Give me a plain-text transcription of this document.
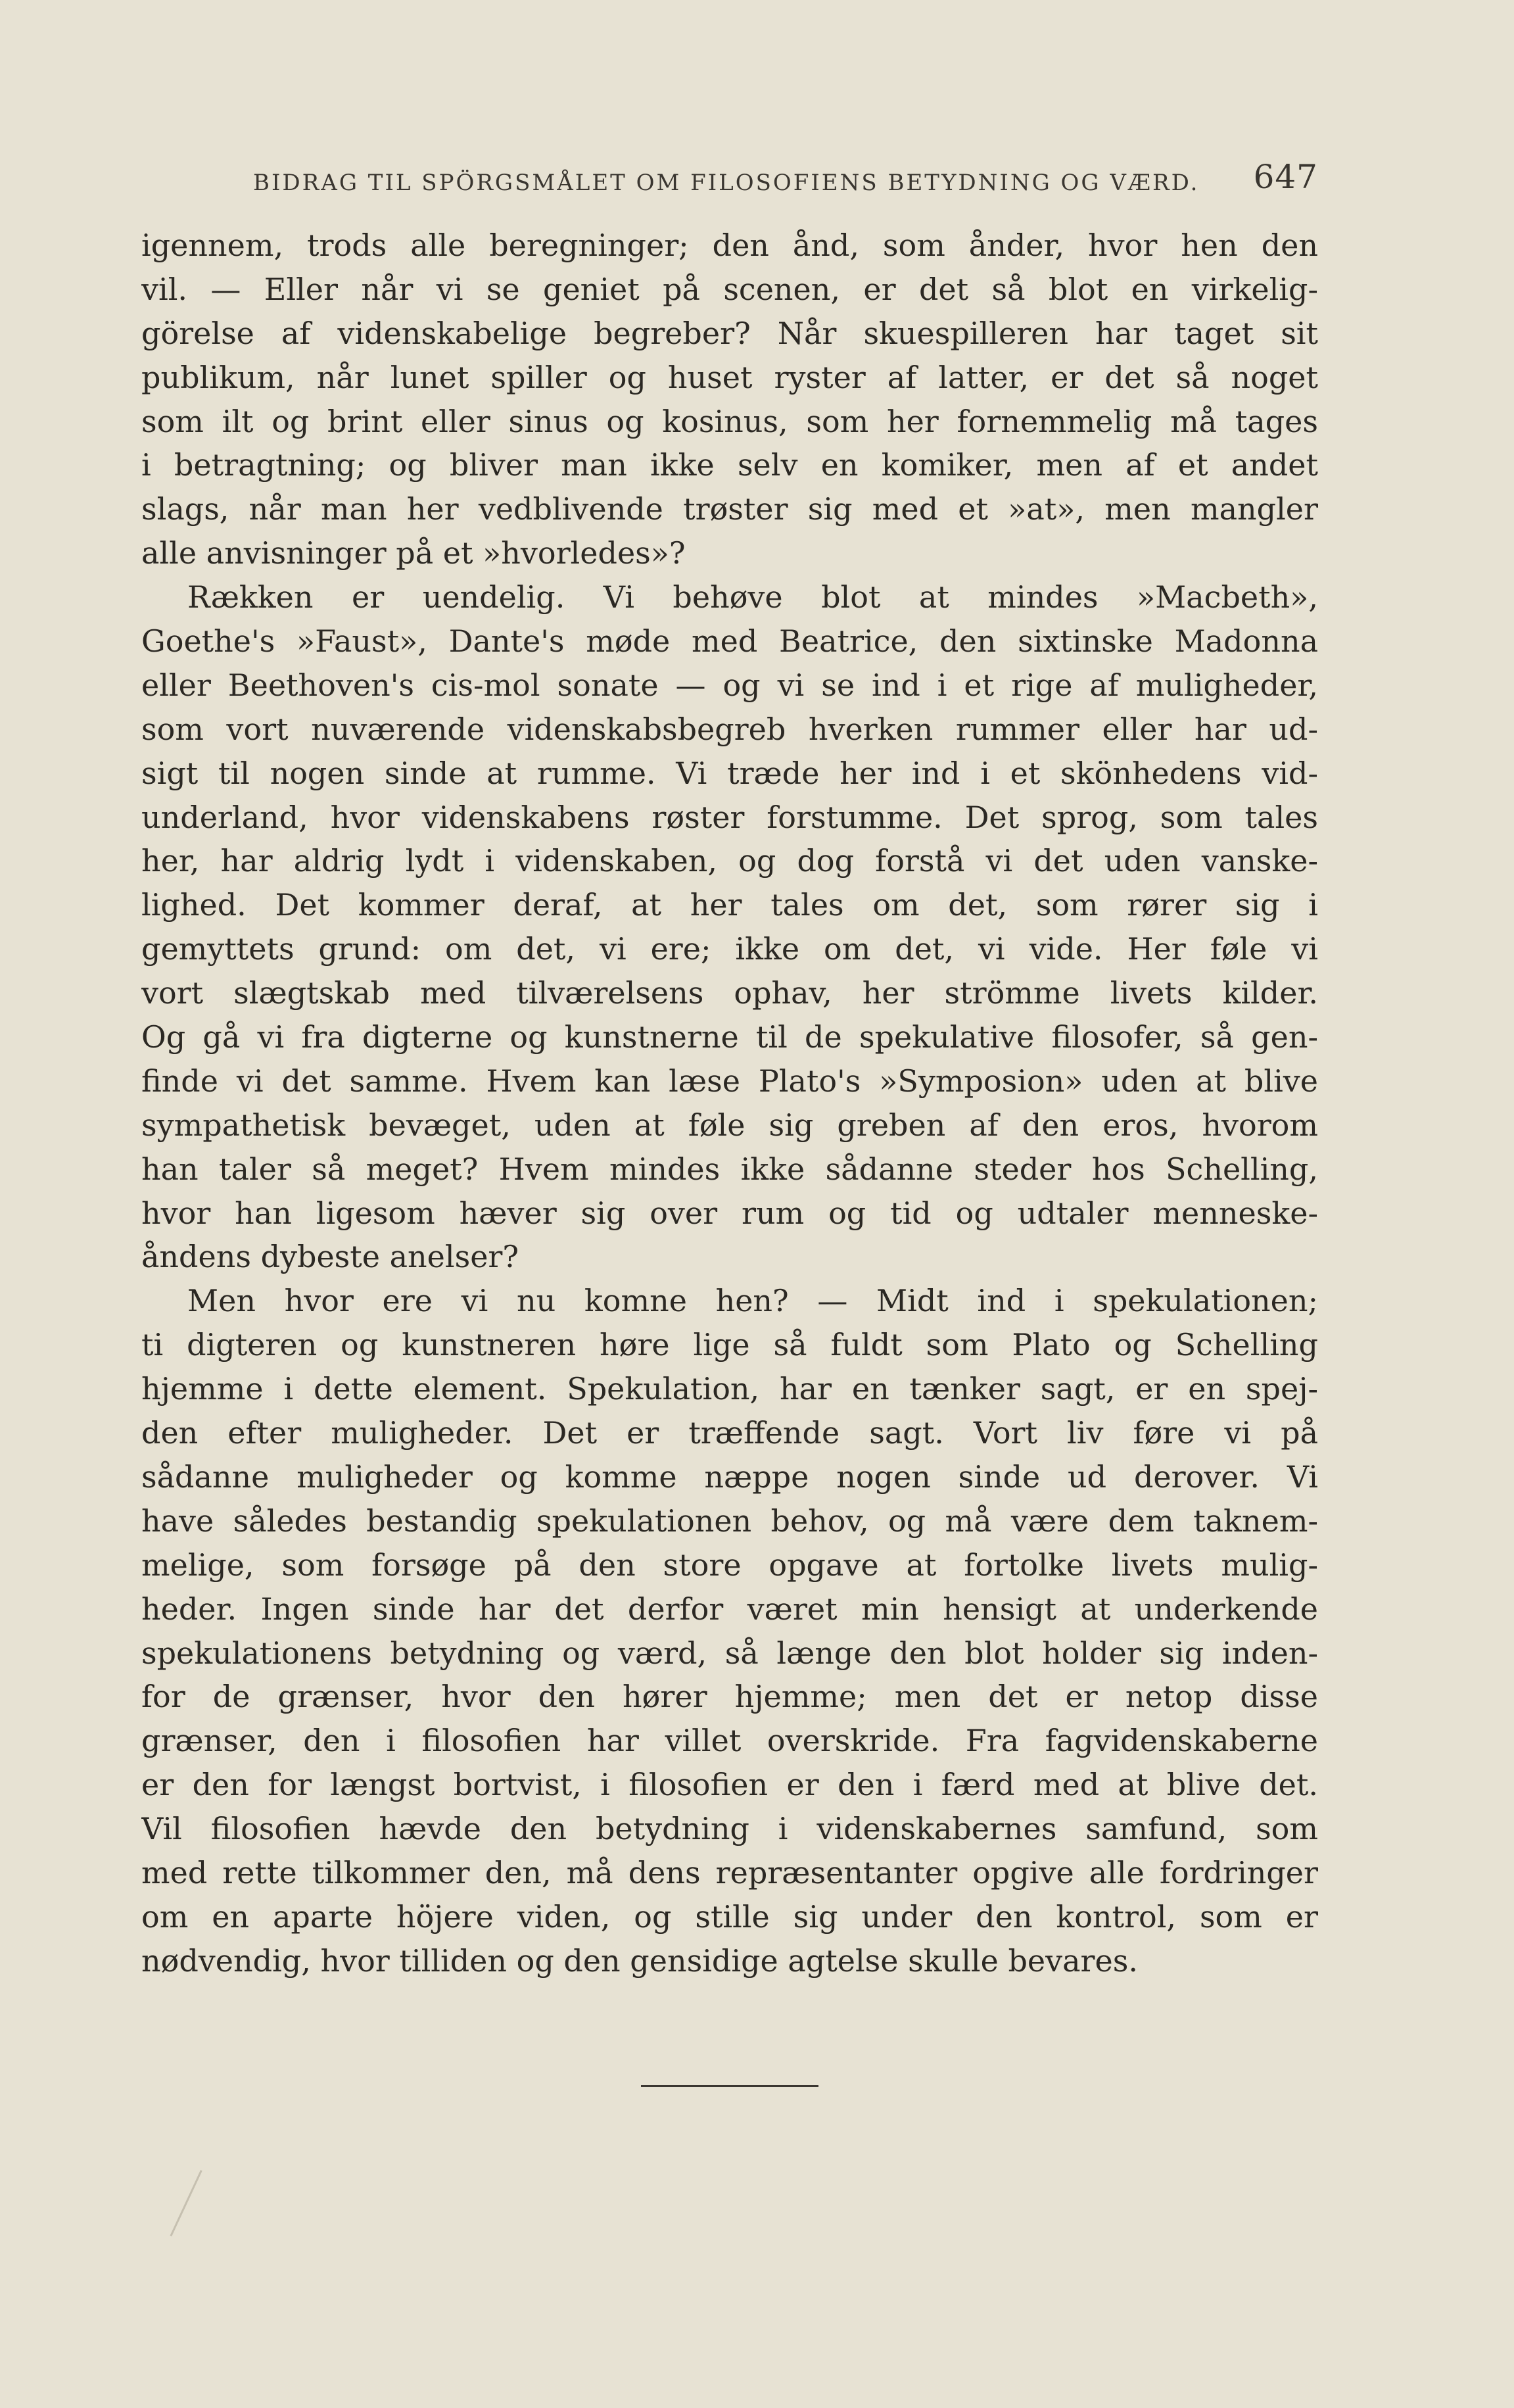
BIDRAG TIL SPÖRGSMÅLET OM FILOSOFIENS BETYDNING OG VÆRD. 647
igennem, trods alle beregninger; den ånd, som ånder, hvor hen den
vil. — Eller når vi se geniet på scenen, er det så blot en virkelig-
görelse af videnskabelige begreber? Når skuespilleren har taget sit
publikum, når lunet spiller og huset ryster af latter, er det så noget
som ilt og brint eller sinus og kosinus, som her fornemmelig må tages
i betragtning; og bliver man ikke selv en komiker, men af et andet
slags, når man her vedblivende trøster sig med et »at», men mangler
alle anvisninger på et »hvorledes»?
Rækken er uendelig. Vi behøve blot at mindes »Macbeth»,
Goethe's »Faust», Dante's møde med Beatrice, den sixtinske Madonna
eller Beethoven's cis-mol sonate — og vi se ind i et rige af muligheder,
som vort nuværende videnskabsbegreb hverken rummer eller har ud-
sigt til nogen sinde at rumme. Vi træde her ind i et skönhedens vid-
underland, hvor videnskabens røster forstumme. Det sprog, som tales
her, har aldrig lydt i videnskaben, og dog forstå vi det uden vanske-
lighed. Det kommer deraf, at her tales om det, som rører sig i
gemyttets grund: om det, vi ere; ikke om det, vi vide. Her føle vi
vort slægtskab med tilværelsens ophav, her strömme livets kilder.
Og gå vi fra digterne og kunstnerne til de spekulative filosofer, så gen-
finde vi det samme. Hvem kan læse Plato's »Symposion» uden at blive
sympathetisk bevæget, uden at føle sig greben af den eros, hvorom
han taler så meget? Hvem mindes ikke sådanne steder hos Schelling,
hvor han ligesom hæver sig over rum og tid og udtaler menneske-
åndens dybeste anelser?
Men hvor ere vi nu komne hen? — Midt ind i spekulationen;
ti digteren og kunstneren høre lige så fuldt som Plato og Schelling
hjemme i dette element. Spekulation, har en tænker sagt, er en spej-
den efter muligheder. Det er træffende sagt. Vort liv føre vi på
sådanne muligheder og komme næppe nogen sinde ud derover. Vi
have således bestandig spekulationen behov, og må være dem taknem-
melige, som forsøge på den store opgave at fortolke livets mulig-
heder. Ingen sinde har det derfor været min hensigt at underkende
spekulationens betydning og værd, så længe den blot holder sig inden-
for de grænser, hvor den hører hjemme; men det er netop disse
grænser, den i filosofien har villet overskride. Fra fagvidenskaberne
er den for længst bortvist, i filosofien er den i færd med at blive det.
Vil filosofien hævde den betydning i videnskabernes samfund, som
med rette tilkommer den, må dens repræsentanter opgive alle fordringer
om en aparte höjere viden, og stille sig under den kontrol, som er
nødvendig, hvor tilliden og den gensidige agtelse skulle bevares.
